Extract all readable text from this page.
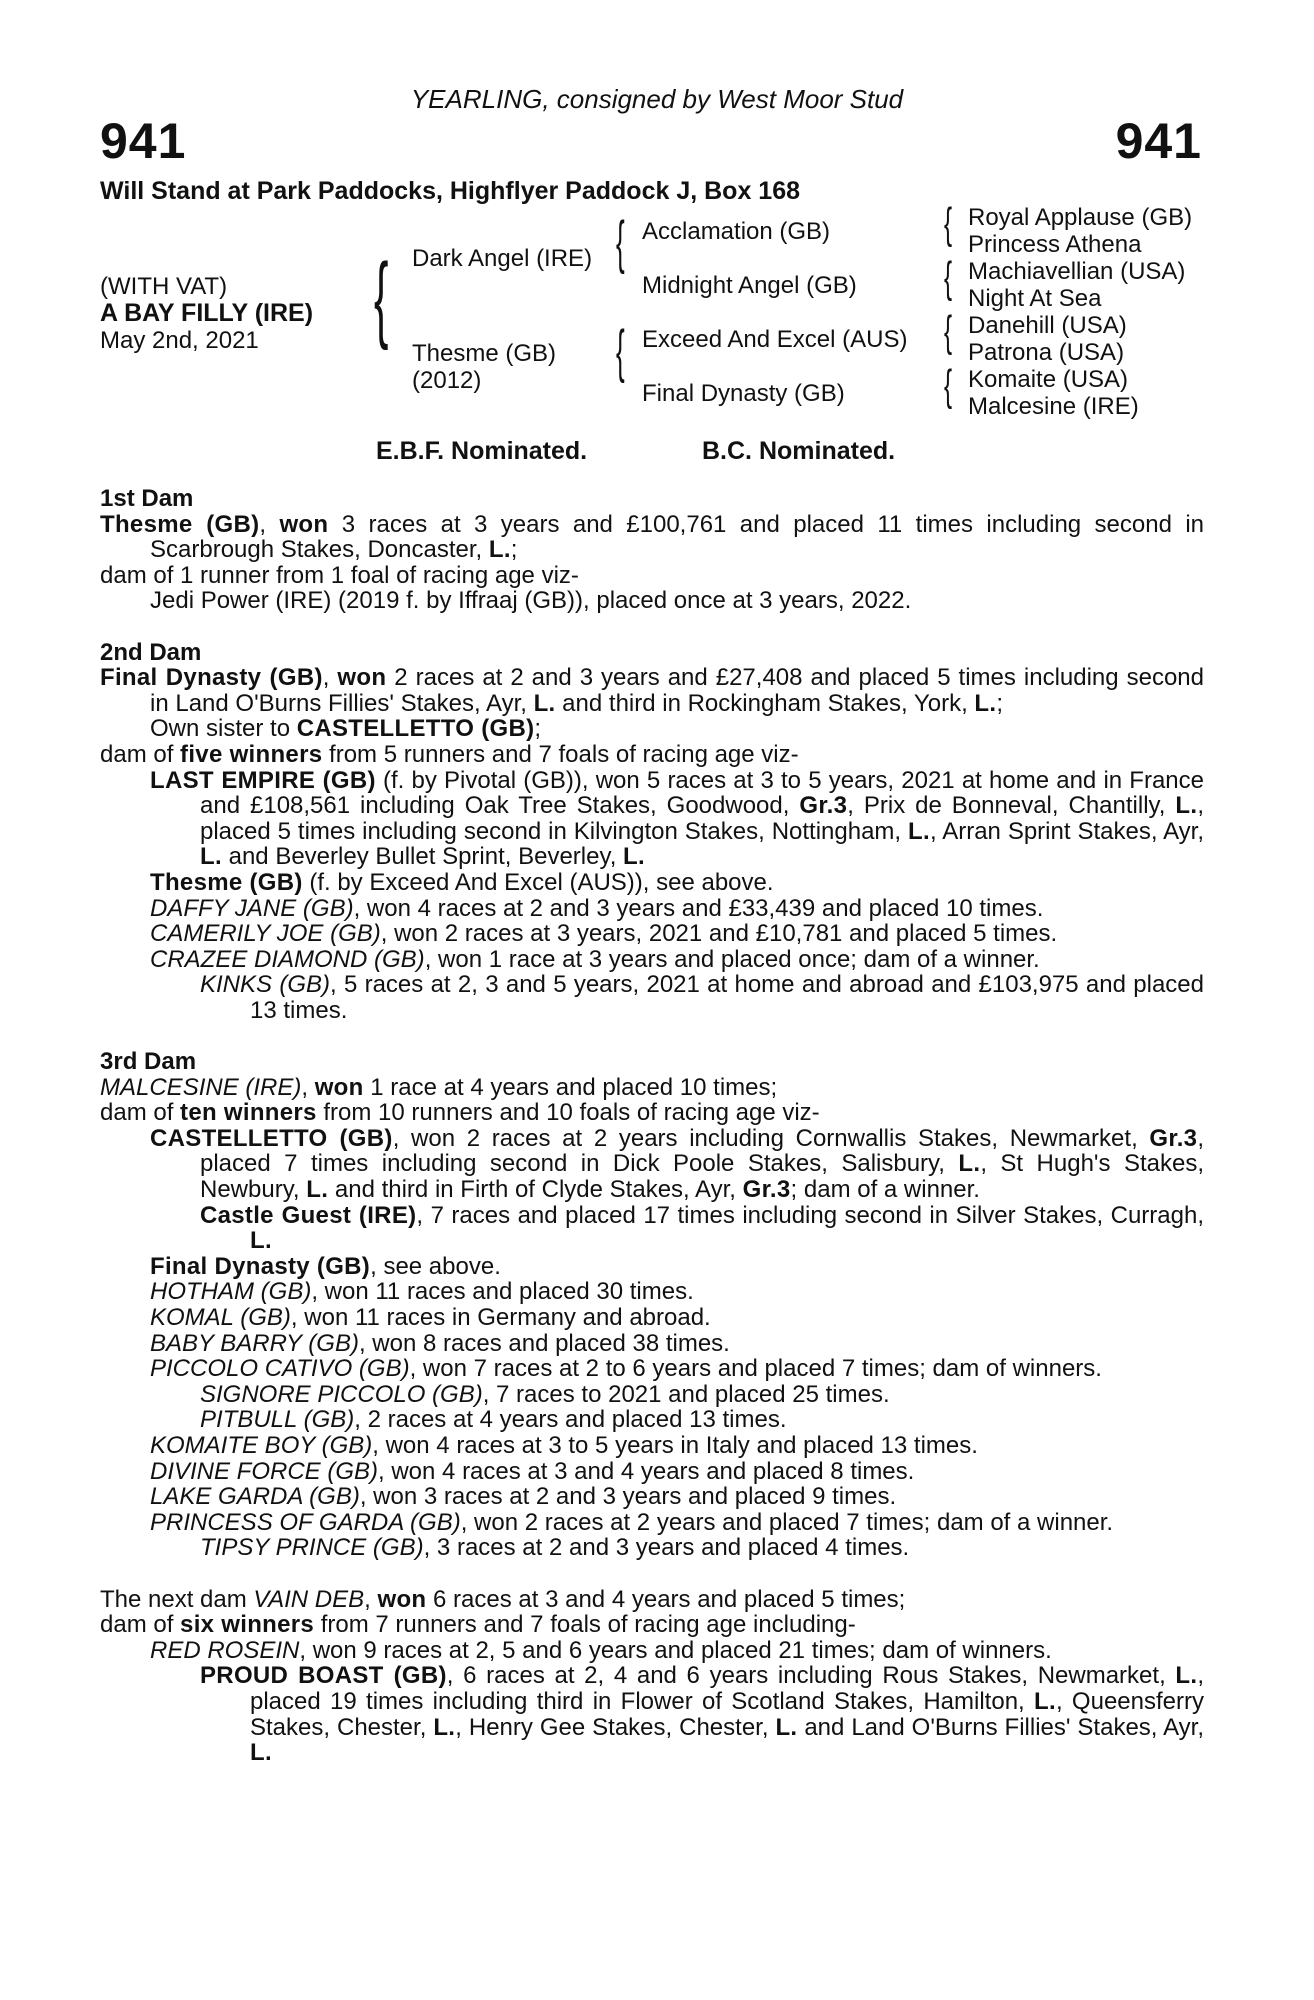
YEARLING, consigned by West Moor Stud
941	941
Will Stand at Park Paddocks, Highflyer Paddock J, Box 168
(WITH VAT)
A BAY FILLY (IRE)
May 2nd, 2021 { Dark Angel (IRE)
Thesme (GB)
(2012)
{ Acclamation (GB)
Midnight Angel (GB)
{ Exceed And Excel (AUS)
Final Dynasty (GB)
{ Royal Applause (GB)
Princess Athena
{ Machiavellian (USA)
Night At Sea
{ Danehill (USA)
Patrona (USA)
{ Komaite (USA)
Malcesine (IRE)
E.B.F. Nominated.	B.C. Nominated.
1st Dam

Thesme (GB), won 3 races at 3 years and £100,761 and placed 11 times including second in Scarbrough Stakes, Doncaster, L.;

dam of 1 runner from 1 foal of racing age viz-

Jedi Power (IRE) (2019 f. by Iffraaj (GB)), placed once at 3 years, 2022.

2nd Dam

Final Dynasty (GB), won 2 races at 2 and 3 years and £27,408 and placed 5 times including second in Land O'Burns Fillies' Stakes, Ayr, L. and third in Rockingham Stakes, York, L.;

Own sister to CASTELLETTO (GB);

dam of five winners from 5 runners and 7 foals of racing age viz-

LAST EMPIRE (GB) (f. by Pivotal (GB)), won 5 races at 3 to 5 years, 2021 at home and in France and £108,561 including Oak Tree Stakes, Goodwood, Gr.3, Prix de Bonneval, Chantilly, L., placed 5 times including second in Kilvington Stakes, Nottingham, L., Arran Sprint Stakes, Ayr, L. and Beverley Bullet Sprint, Beverley, L.

Thesme (GB) (f. by Exceed And Excel (AUS)), see above.

DAFFY JANE (GB), won 4 races at 2 and 3 years and £33,439 and placed 10 times.

CAMERILY JOE (GB), won 2 races at 3 years, 2021 and £10,781 and placed 5 times.

CRAZEE DIAMOND (GB), won 1 race at 3 years and placed once; dam of a winner.

KINKS (GB), 5 races at 2, 3 and 5 years, 2021 at home and abroad and £103,975 and placed 13 times.

3rd Dam

MALCESINE (IRE), won 1 race at 4 years and placed 10 times;

dam of ten winners from 10 runners and 10 foals of racing age viz-

CASTELLETTO (GB), won 2 races at 2 years including Cornwallis Stakes, Newmarket, Gr.3, placed 7 times including second in Dick Poole Stakes, Salisbury, L., St Hugh's Stakes, Newbury, L. and third in Firth of Clyde Stakes, Ayr, Gr.3; dam of a winner.

Castle Guest (IRE), 7 races and placed 17 times including second in Silver Stakes, Curragh, L.

Final Dynasty (GB), see above.

HOTHAM (GB), won 11 races and placed 30 times.

KOMAL (GB), won 11 races in Germany and abroad.

BABY BARRY (GB), won 8 races and placed 38 times.

PICCOLO CATIVO (GB), won 7 races at 2 to 6 years and placed 7 times; dam of winners.

SIGNORE PICCOLO (GB), 7 races to 2021 and placed 25 times.

PITBULL (GB), 2 races at 4 years and placed 13 times.

KOMAITE BOY (GB), won 4 races at 3 to 5 years in Italy and placed 13 times.

DIVINE FORCE (GB), won 4 races at 3 and 4 years and placed 8 times.

LAKE GARDA (GB), won 3 races at 2 and 3 years and placed 9 times.

PRINCESS OF GARDA (GB), won 2 races at 2 years and placed 7 times; dam of a winner.

TIPSY PRINCE (GB), 3 races at 2 and 3 years and placed 4 times.

The next dam VAIN DEB, won 6 races at 3 and 4 years and placed 5 times;

dam of six winners from 7 runners and 7 foals of racing age including-

RED ROSEIN, won 9 races at 2, 5 and 6 years and placed 21 times; dam of winners.

PROUD BOAST (GB), 6 races at 2, 4 and 6 years including Rous Stakes, Newmarket, L., placed 19 times including third in Flower of Scotland Stakes, Hamilton, L., Queensferry Stakes, Chester, L., Henry Gee Stakes, Chester, L. and Land O'Burns Fillies' Stakes, Ayr, L.
